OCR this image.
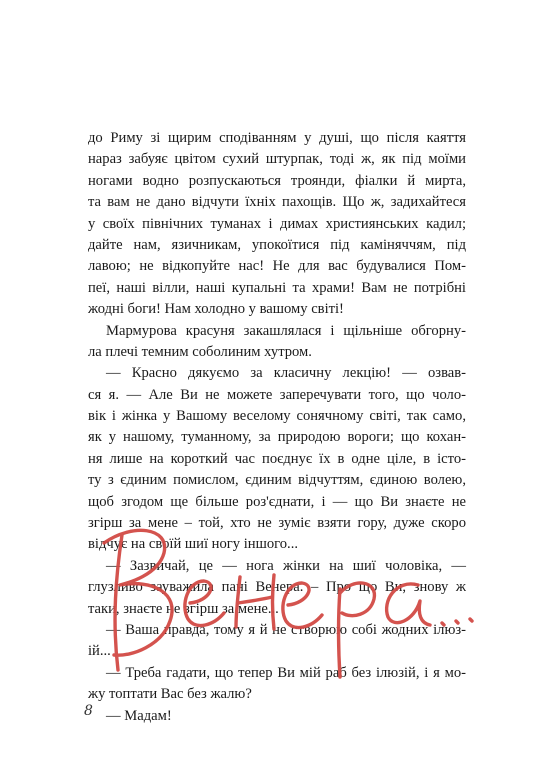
до Риму зі щирим сподіванням у душі, що після каяття
нараз забуяє цвітом сухий штурпак, тоді ж, як під моїми
ногами водно розпускаються троянди, фіалки й мирта,
та вам не дано відчути їхніх пахощів. Що ж, задихайтеся
у своїх північних туманах і димах християнських кадил;
дайте нам, язичникам, упокоїтися під каміняччям, під
лавою; не відкопуйте нас! Не для вас будувалися Пом-
пеї, наші вілли, наші купальні та храми! Вам не потрібні
жодні боги! Нам холодно у вашому світі!
Мармурова красуня закашлялася і щільніше обгорну-
ла плечі темним соболиним хутром.
— Красно дякуємо за класичну лекцію! — озвав-
ся я. — Але Ви не можете заперечувати того, що чоло-
вік і жінка у Вашому веселому сонячному світі, так само,
як у нашому, туманному, за природою вороги; що кохан-
ня лише на короткий час поєднує їх в одне ціле, в істо-
ту з єдиним помислом, єдиним відчуттям, єдиною волею,
щоб згодом ще більше роз'єднати, і — що Ви знаєте не
згірш за мене – той, хто не зуміє взяти гору, дуже скоро
відчує на своїй шиї ногу іншого...
— Зазвичай, це — нога жінки на шиї чоловіка, —
глузливо зауважила пані Венера. – Про що Ви, знову ж
таки, знаєте не згірш за мене...
— Ваша правда, тому я й не створюю собі жодних ілюз-
ій...
— Треба гадати, що тепер Ви мій раб без ілюзій, і я мо-
жу топтати Вас без жалю?
— Мадам!
8
